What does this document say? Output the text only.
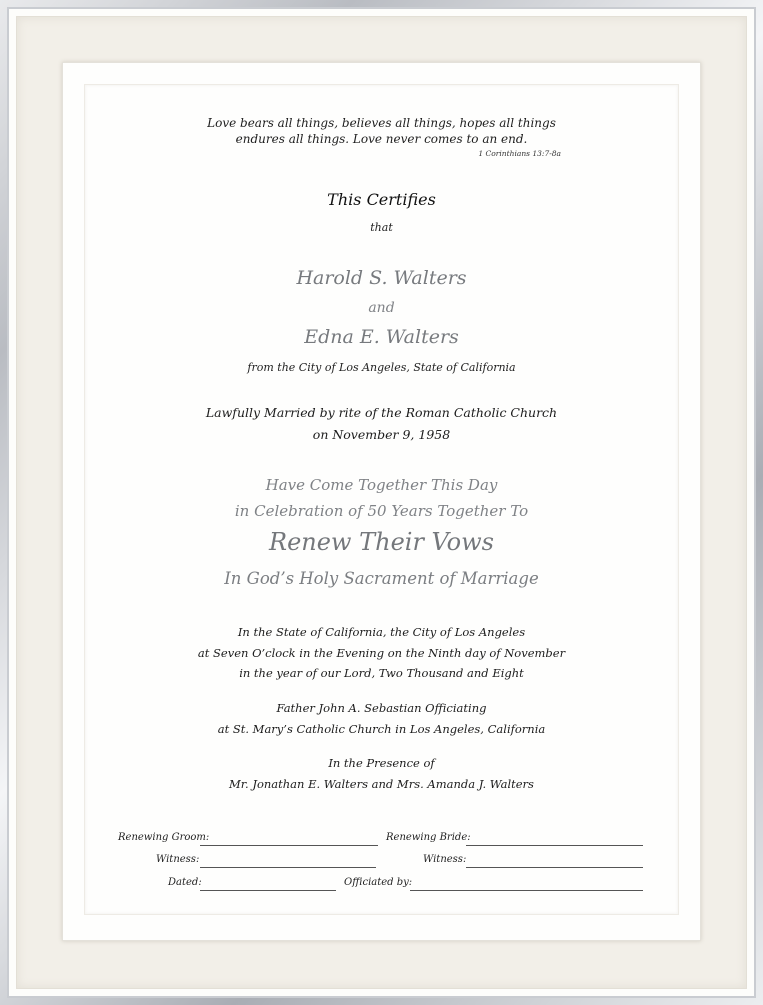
Love bears all things, believes all things, hopes all things
endures all things. Love never comes to an end.
1 Corinthians 13:7-8a
This Certifies
that
Harold S. Walters
and
Edna E. Walters
from the City of Los Angeles, State of California
Lawfully Married by rite of the Roman Catholic Church
on November 9, 1958
Have Come Together This Day
in Celebration of 50 Years Together To
Renew Their Vows
In God’s Holy Sacrament of Marriage
In the State of California, the City of Los Angeles
at Seven O’clock in the Evening on the Ninth day of November
in the year of our Lord, Two Thousand and Eight
Father John A. Sebastian Officiating
at St. Mary’s Catholic Church in Los Angeles, California
In the Presence of
Mr. Jonathan E. Walters and Mrs. Amanda J. Walters
Renewing Groom:	Renewing Bride:
Witness:	Witness:
Dated:	Officiated by:
